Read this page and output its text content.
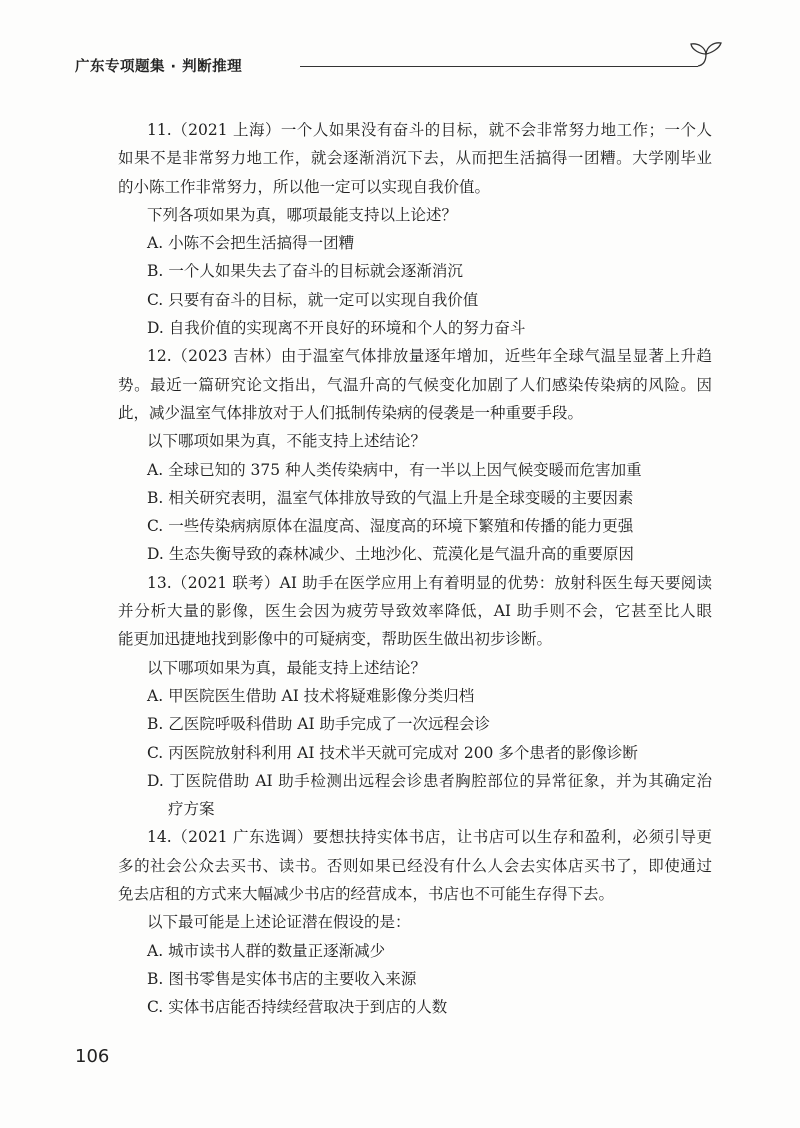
广东专项题集 · 判断推理
11.（2021 上海）一个人如果没有奋斗的目标，就不会非常努力地工作；一个人
如果不是非常努力地工作，就会逐渐消沉下去，从而把生活搞得一团糟。大学刚毕业
的小陈工作非常努力，所以他一定可以实现自我价值。
下列各项如果为真，哪项最能支持以上论述？
A. 小陈不会把生活搞得一团糟
B. 一个人如果失去了奋斗的目标就会逐渐消沉
C. 只要有奋斗的目标，就一定可以实现自我价值
D. 自我价值的实现离不开良好的环境和个人的努力奋斗
12.（2023 吉林）由于温室气体排放量逐年增加，近些年全球气温呈显著上升趋
势。最近一篇研究论文指出，气温升高的气候变化加剧了人们感染传染病的风险。因
此，减少温室气体排放对于人们抵制传染病的侵袭是一种重要手段。
以下哪项如果为真，不能支持上述结论？
A. 全球已知的 375 种人类传染病中，有一半以上因气候变暖而危害加重
B. 相关研究表明，温室气体排放导致的气温上升是全球变暖的主要因素
C. 一些传染病病原体在温度高、湿度高的环境下繁殖和传播的能力更强
D. 生态失衡导致的森林减少、土地沙化、荒漠化是气温升高的重要原因
13.（2021 联考）AI 助手在医学应用上有着明显的优势：放射科医生每天要阅读
并分析大量的影像，医生会因为疲劳导致效率降低，AI 助手则不会，它甚至比人眼
能更加迅捷地找到影像中的可疑病变，帮助医生做出初步诊断。
以下哪项如果为真，最能支持上述结论？
A. 甲医院医生借助 AI 技术将疑难影像分类归档
B. 乙医院呼吸科借助 AI 助手完成了一次远程会诊
C. 丙医院放射科利用 AI 技术半天就可完成对 200 多个患者的影像诊断
D. 丁医院借助 AI 助手检测出远程会诊患者胸腔部位的异常征象，并为其确定治
疗方案
14.（2021 广东选调）要想扶持实体书店，让书店可以生存和盈利，必须引导更
多的社会公众去买书、读书。否则如果已经没有什么人会去实体店买书了，即使通过
免去店租的方式来大幅减少书店的经营成本，书店也不可能生存得下去。
以下最可能是上述论证潜在假设的是：
A. 城市读书人群的数量正逐渐减少
B. 图书零售是实体书店的主要收入来源
C. 实体书店能否持续经营取决于到店的人数
106
